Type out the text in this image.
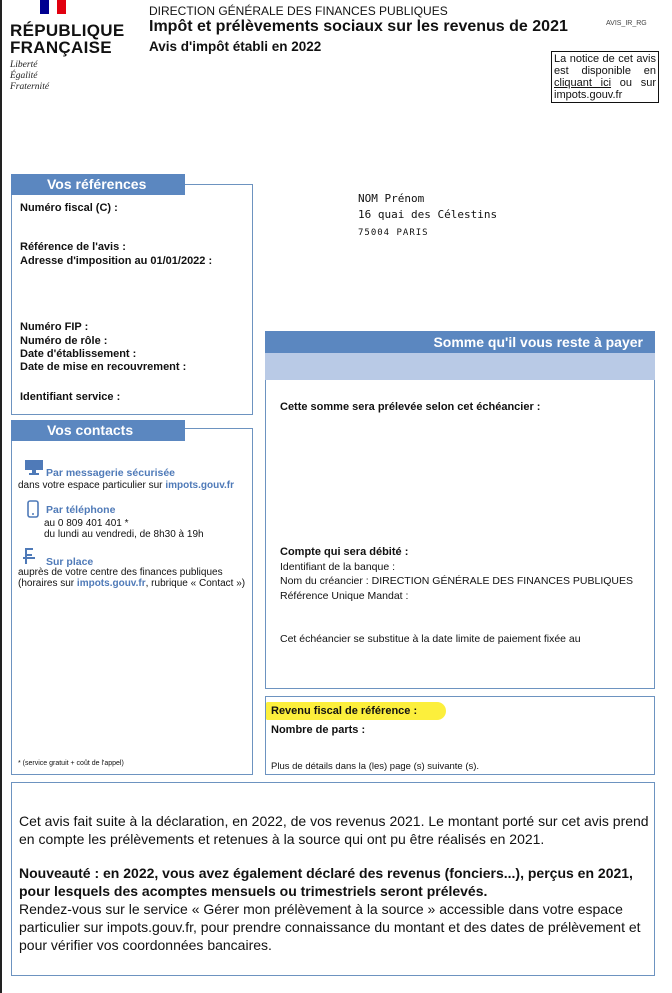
RÉPUBLIQUE
FRANÇAISE
Liberté
Égalité
Fraternité
DIRECTION GÉNÉRALE DES FINANCES PUBLIQUES
Impôt et prélèvements sociaux sur les revenus de 2021
Avis d'impôt établi en 2022
AVIS_IR_RG
La notice de cet avis est disponible en cliquant ici ou sur impots.gouv.fr
Vos références
Numéro fiscal (C) :
Référence de l'avis :
Adresse d'imposition au 01/01/2022 :
Numéro FIP :
Numéro de rôle :
Date d'établissement :
Date de mise en recouvrement :
Identifiant service :
NOM Prénom
16 quai des Célestins
75004 PARIS
Vos contacts
Par messagerie sécurisée
dans votre espace particulier sur impots.gouv.fr
Par téléphone
au 0 809 401 401 *
du lundi au vendredi, de 8h30 à 19h
Sur place
auprès de votre centre des finances publiques
(horaires sur impots.gouv.fr, rubrique « Contact »)
* (service gratuit + coût de l'appel)
Somme qu'il vous reste à payer
Cette somme sera prélevée selon cet échéancier :
Compte qui sera débité :
Identifiant de la banque :
Nom du créancier : DIRECTION GÉNÉRALE DES FINANCES PUBLIQUES
Référence Unique Mandat :
Cet échéancier se substitue à la date limite de paiement fixée au
Revenu fiscal de référence :
Nombre de parts :
Plus de détails dans la (les) page (s) suivante (s).

Cet avis fait suite à la déclaration, en 2022, de vos revenus 2021. Le montant porté sur cet avis prend en compte les prélèvements et retenues à la source qui ont pu être réalisés en 2021.

Nouveauté : en 2022, vous avez également déclaré des revenus (fonciers...), perçus en 2021, pour lesquels des acomptes mensuels ou trimestriels seront prélevés.

Rendez-vous sur le service « Gérer mon prélèvement à la source » accessible dans votre espace particulier sur impots.gouv.fr, pour prendre connaissance du montant et des dates de prélèvement et pour vérifier vos coordonnées bancaires.
